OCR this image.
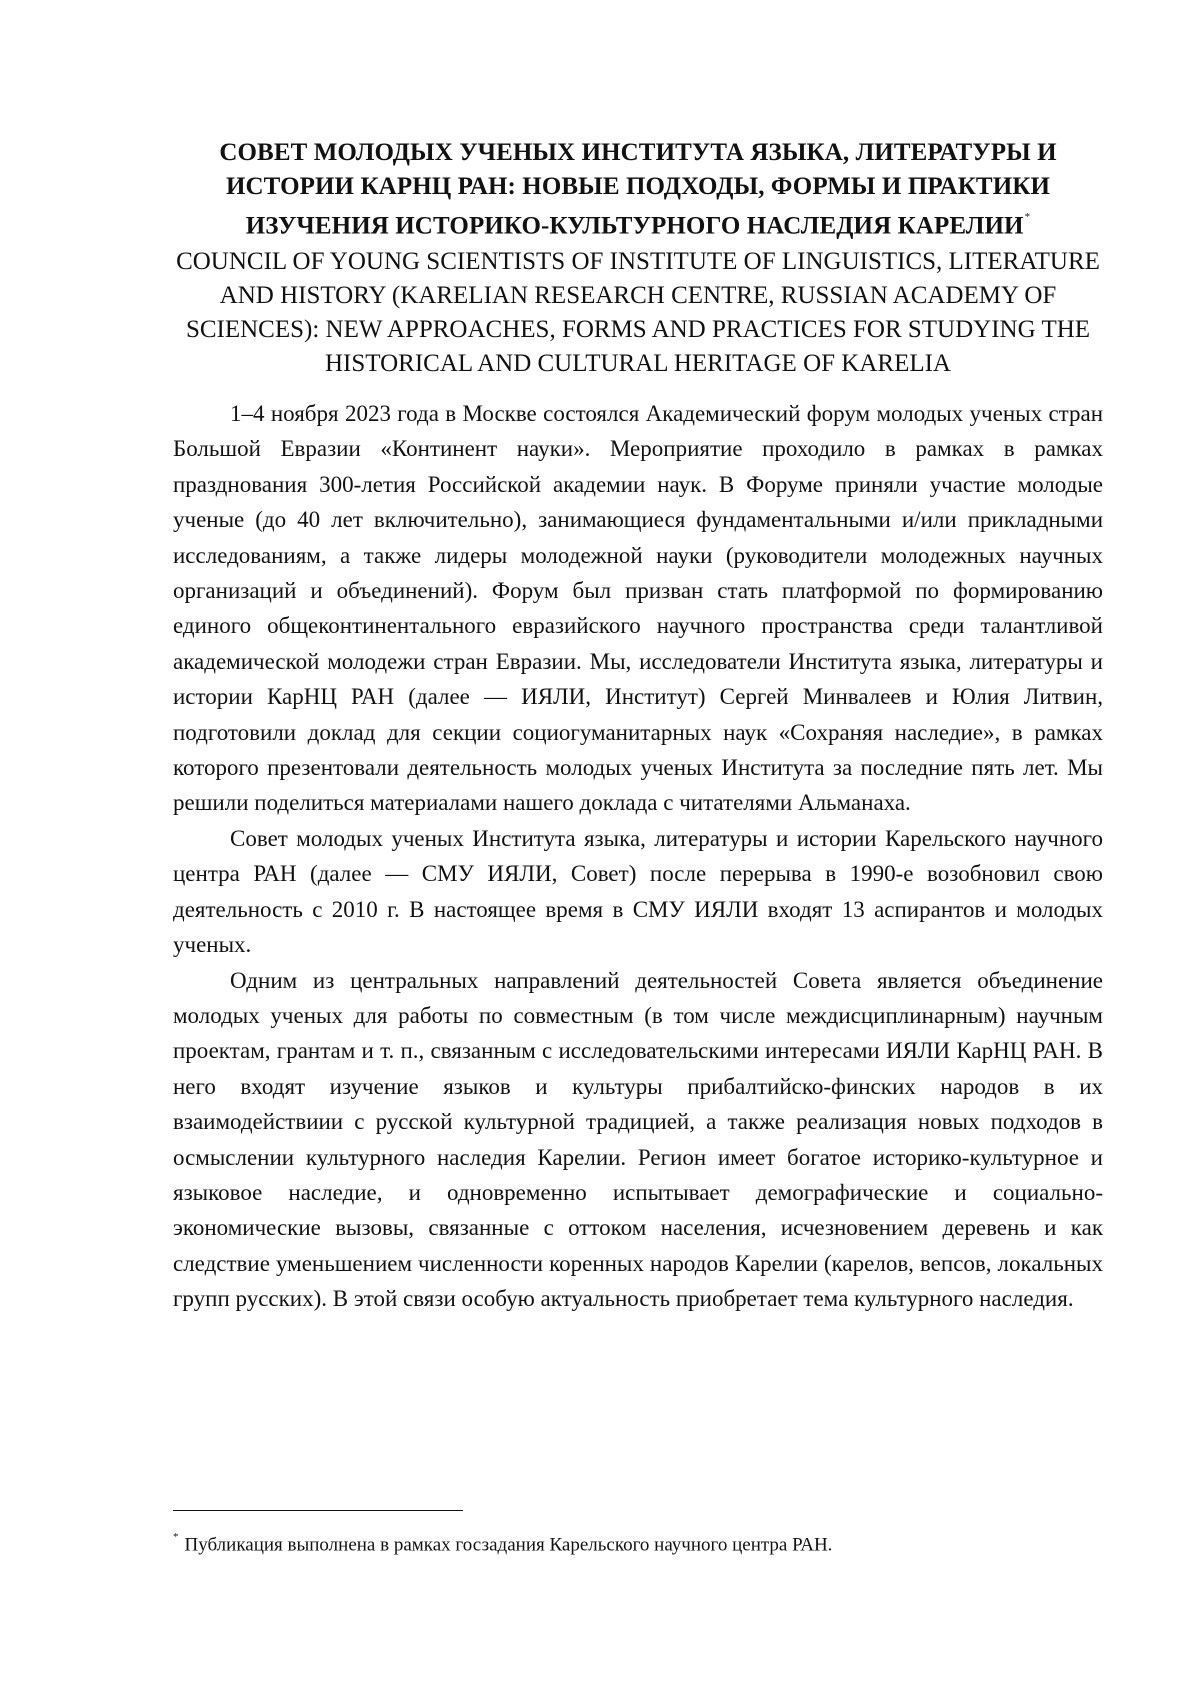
СОВЕТ МОЛОДЫХ УЧЕНЫХ ИНСТИТУТА ЯЗЫКА, ЛИТЕРАТУРЫ И ИСТОРИИ КАРНЦ РАН: НОВЫЕ ПОДХОДЫ, ФОРМЫ И ПРАКТИКИ ИЗУЧЕНИЯ ИСТОРИКО-КУЛЬТУРНОГО НАСЛЕДИЯ КАРЕЛИИ*
COUNCIL OF YOUNG SCIENTISTS OF INSTITUTE OF LINGUISTICS, LITERATURE AND HISTORY (KARELIAN RESEARCH CENTRE, RUSSIAN ACADEMY OF SCIENCES): NEW APPROACHES, FORMS AND PRACTICES FOR STUDYING THE HISTORICAL AND CULTURAL HERITAGE OF KARELIA

1–4 ноября 2023 года в Москве состоялся Академический форум молодых ученых стран Большой Евразии «Континент науки». Мероприятие проходило в рамках в рамках празднования 300-летия Российской академии наук. В Форуме приняли участие молодые ученые (до 40 лет включительно), занимающиеся фундаментальными и/или прикладными исследованиям, а также лидеры молодежной науки (руководители молодежных научных организаций и объединений). Форум был призван стать платформой по формированию единого общеконтинентального евразийского научного пространства среди талантливой академической молодежи стран Евразии. Мы, исследователи Института языка, литературы и истории КарНЦ РАН (далее — ИЯЛИ, Институт) Сергей Минвалеев и Юлия Литвин, подготовили доклад для секции социогуманитарных наук «Сохраняя наследие», в рамках которого презентовали деятельность молодых ученых Института за последние пять лет. Мы решили поделиться материалами нашего доклада с читателями Альманаха.

Совет молодых ученых Института языка, литературы и истории Карельского научного центра РАН (далее — СМУ ИЯЛИ, Совет) после перерыва в 1990-е возобновил свою деятельность с 2010 г. В настоящее время в СМУ ИЯЛИ входят 13 аспирантов и молодых ученых.

Одним из центральных направлений деятельностей Совета является объединение молодых ученых для работы по совместным (в том числе междисциплинарным) научным проектам, грантам и т. п., связанным с исследовательскими интересами ИЯЛИ КарНЦ РАН. В него входят изучение языков и культуры прибалтийско-финских народов в их взаимодействиии с русской культурной традицией, а также реализация новых подходов в осмыслении культурного наследия Карелии. Регион имеет богатое историко-культурное и языковое наследие, и одновременно испытывает демографические и социально-экономические вызовы, связанные с оттоком населения, исчезновением деревень и как следствие уменьшением численности коренных народов Карелии (карелов, вепсов, локальных групп русских). В этой связи особую актуальность приобретает тема культурного наследия.

* Публикация выполнена в рамках госзадания Карельского научного центра РАН.
